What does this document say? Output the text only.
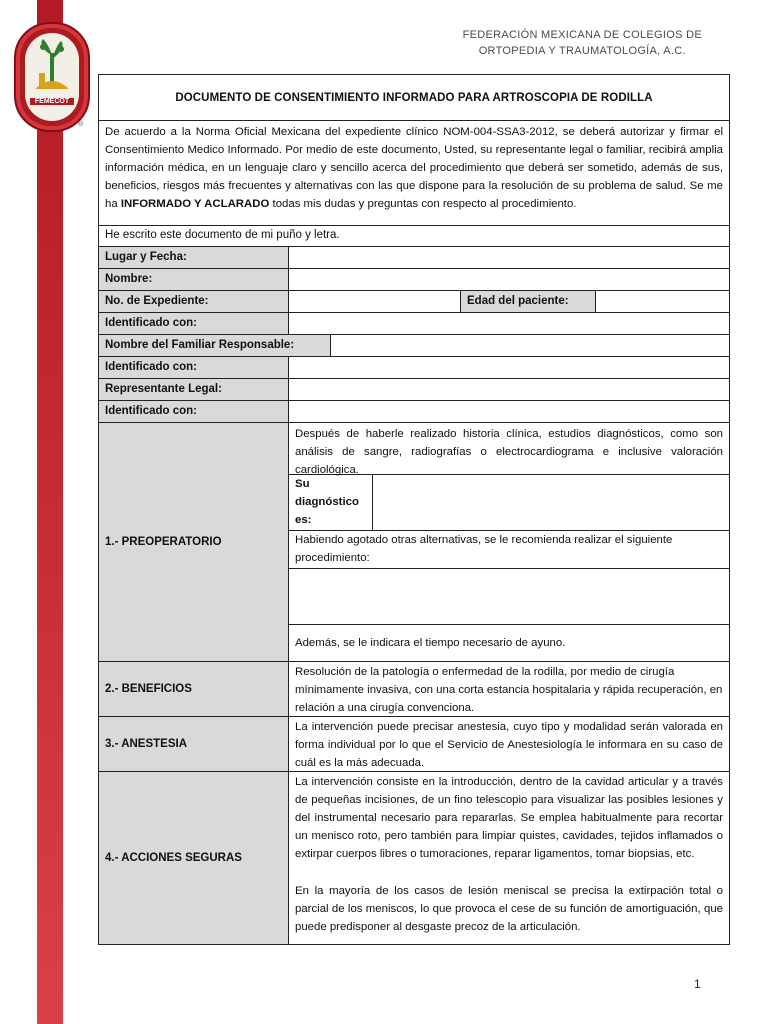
FEMECOT
®
FEDERACIÓN MEXICANA DE COLEGIOS DE
ORTOPEDIA Y TRAUMATOLOGÍA, A.C.
DOCUMENTO DE CONSENTIMIENTO INFORMADO PARA ARTROSCOPIA DE RODILLA
De acuerdo a la Norma Oficial Mexicana del expediente clínico NOM-004-SSA3-2012, se deberá autorizar y firmar el Consentimiento Medico Informado. Por medio de este documento, Usted, su representante legal o familiar, recibirá amplia información médica, en un lenguaje claro y sencillo acerca del procedimiento que deberá ser sometido, además de sus, beneficios, riesgos más frecuentes y alternativas con las que dispone para la resolución de su problema de salud. Se me ha INFORMADO Y ACLARADO todas mis dudas y preguntas con respecto al procedimiento.
He escrito este documento de mi puño y letra.
Lugar y Fecha:
Nombre:
No. de Expediente:	Edad del paciente:
Identificado con:
Nombre del Familiar Responsable:
Identificado con:
Representante Legal:
Identificado con:
1.- PREOPERATORIO
Después de haberle realizado historia clínica, estudios diagnósticos, como son análisis de sangre, radiografías o electrocardiograma e inclusive valoración cardiológica.
Su
diagnóstico
es:
Habiendo agotado otras alternativas, se le recomienda realizar el siguiente procedimiento:
Además, se le indicara el tiempo necesario de ayuno.
2.- BENEFICIOS
Resolución de la patología o enfermedad de la rodilla, por medio de cirugía mínimamente invasiva, con una corta estancia hospitalaria y rápida recuperación, en relación a una cirugía convenciona.
3.- ANESTESIA
La intervención puede precisar anestesia, cuyo tipo y modalidad serán valorada en forma individual por lo que el Servicio de Anestesiología le informara en su caso de cuál es la más adecuada.
4.- ACCIONES SEGURAS
La intervención consiste en la introducción, dentro de la cavidad articular y a través de pequeñas incisiones, de un fino telescopio para visualizar las posibles lesiones y del instrumental necesario para repararlas. Se emplea habitualmente para recortar un menisco roto, pero también para limpiar quistes, cavidades, tejidos inflamados o extirpar cuerpos libres o tumoraciones, reparar ligamentos, tomar biopsias, etc.
En la mayoría de los casos de lesión meniscal se precisa la extirpación total o parcial de los meniscos, lo que provoca el cese de su función de amortiguación, que puede predisponer al desgaste precoz de la articulación.
1
